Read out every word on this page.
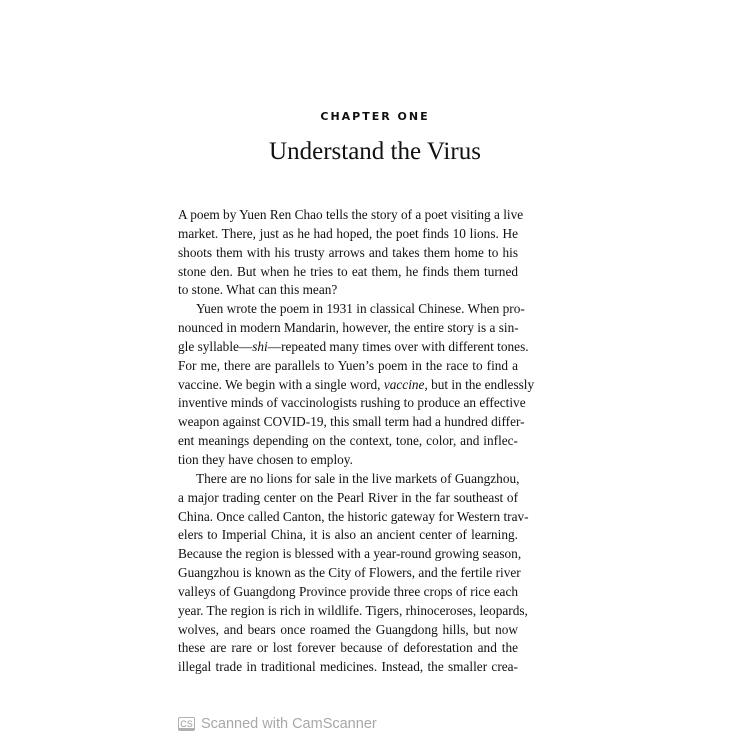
CHAPTER ONE
Understand the Virus
A poem by Yuen Ren Chao tells the story of a poet visiting a live
market. There, just as he had hoped, the poet finds 10 lions. He
shoots them with his trusty arrows and takes them home to his
stone den. But when he tries to eat them, he finds them turned
to stone. What can this mean?
Yuen wrote the poem in 1931 in classical Chinese. When pro-
nounced in modern Mandarin, however, the entire story is a sin-
gle syllable—shi—repeated many times over with different tones.
For me, there are parallels to Yuen’s poem in the race to find a
vaccine. We begin with a single word, vaccine, but in the endlessly
inventive minds of vaccinologists rushing to produce an effective
weapon against COVID-19, this small term had a hundred differ-
ent meanings depending on the context, tone, color, and inflec-
tion they have chosen to employ.
There are no lions for sale in the live markets of Guangzhou,
a major trading center on the Pearl River in the far southeast of
China. Once called Canton, the historic gateway for Western trav-
elers to Imperial China, it is also an ancient center of learning.
Because the region is blessed with a year-round growing season,
Guangzhou is known as the City of Flowers, and the fertile river
valleys of Guangdong Province provide three crops of rice each
year. The region is rich in wildlife. Tigers, rhinoceroses, leopards,
wolves, and bears once roamed the Guangdong hills, but now
these are rare or lost forever because of deforestation and the
illegal trade in traditional medicines. Instead, the smaller crea-
CS Scanned with CamScanner
